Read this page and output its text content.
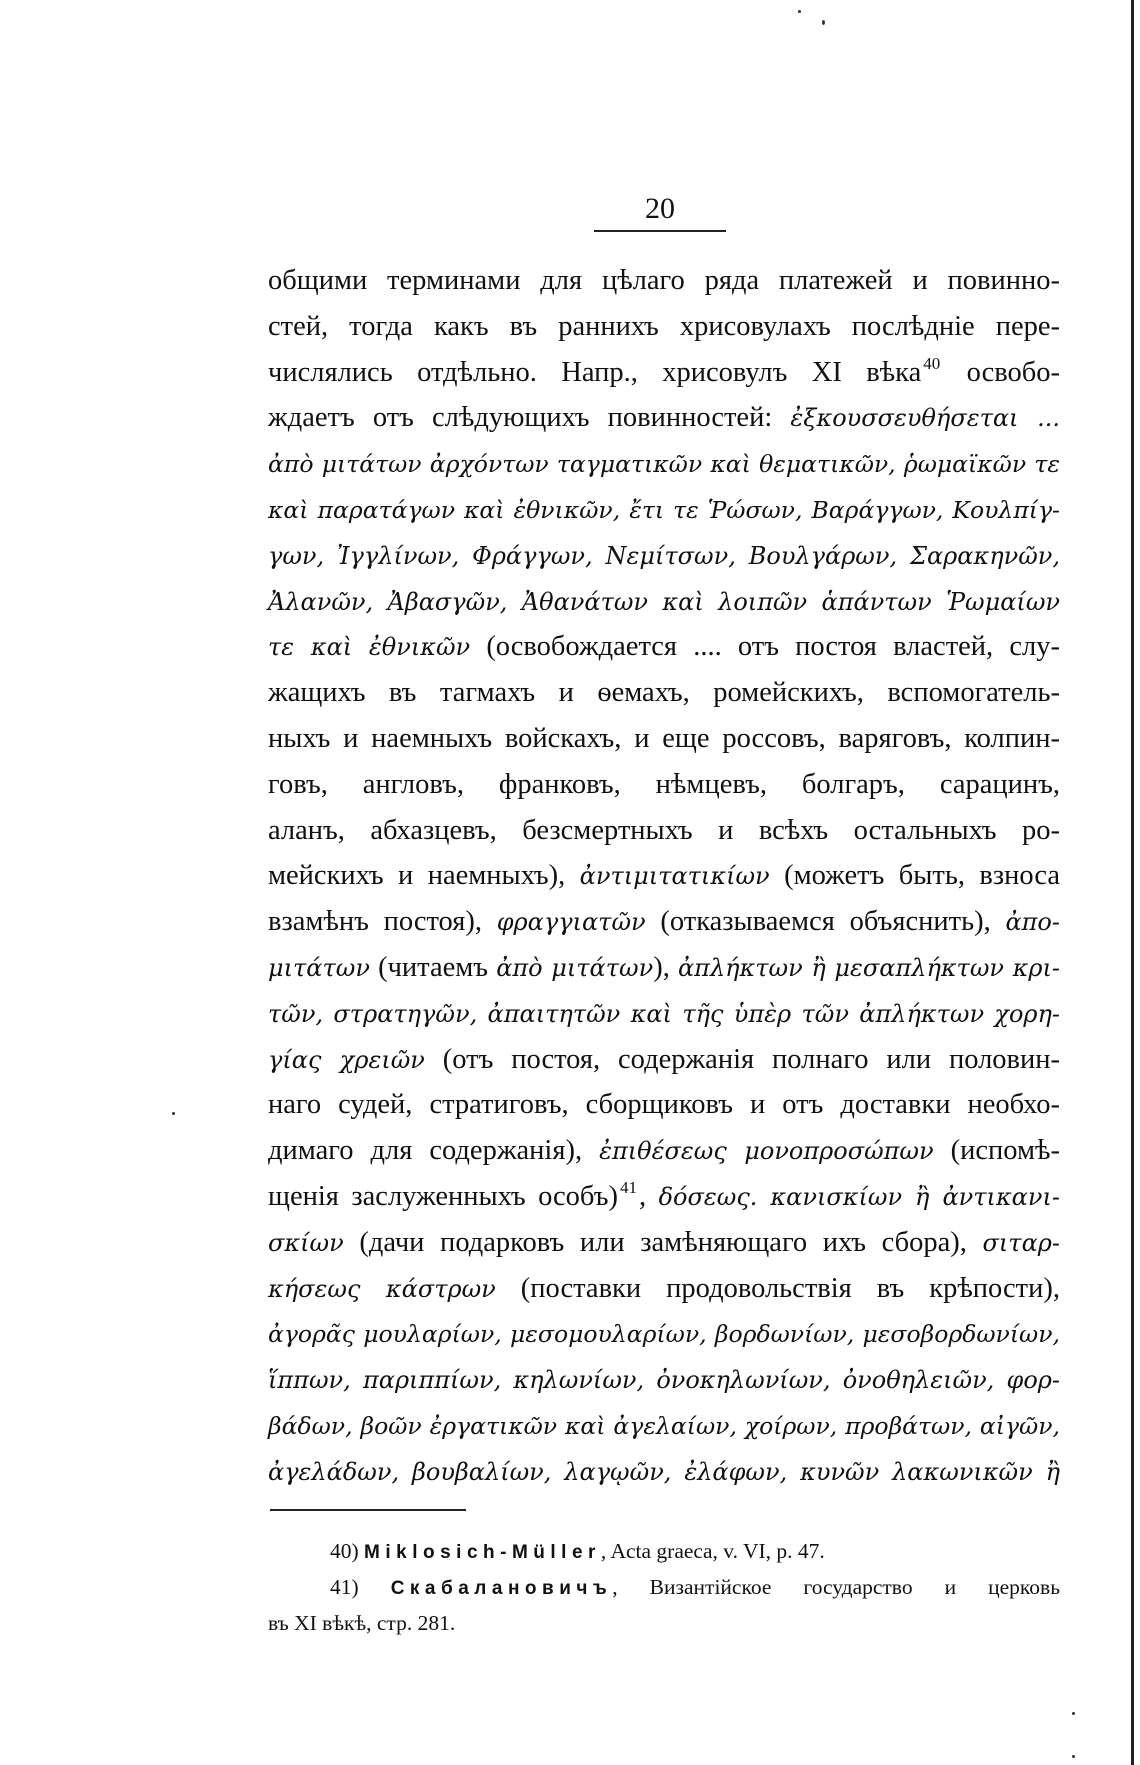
20
общими терминами для цѣлаго ряда платежей и повинно-
стей, тогда какъ въ раннихъ хрисовулахъ послѣдніе пере-
числялись отдѣльно. Напр., хрисовулъ XI вѣка $^{40}$ освобо-
ждаетъ отъ слѣдующихъ повинностей: ἐξκουσσευθήσεται ...
ἀπὸ μιτάτων ἀρχόντων ταγματικῶν καὶ θεματικῶν, ῥωμαϊκῶν τε
καὶ παρατάγων καὶ ἐθνικῶν, ἔτι τε Ῥώσων, Βαράγγων, Κουλπίγ-
γων, Ἰγγλίνων, Φράγγων, Νεμίτσων, Βουλγάρων, Σαρακηνῶν,
Ἀλανῶν, Ἀβασγῶν, Ἀθανάτων καὶ λοιπῶν ἁπάντων Ῥωμαίων
τε καὶ ἐθνικῶν (освобождается .... отъ постоя властей, слу-
жащихъ въ тагмахъ и ѳемахъ, ромейскихъ, вспомогатель-
ныхъ и наемныхъ войскахъ, и еще россовъ, варяговъ, колпин-
говъ, англовъ, франковъ, нѣмцевъ, болгаръ, сарацинъ,
аланъ, абхазцевъ, безсмертныхъ и всѣхъ остальныхъ ро-
мейскихъ и наемныхъ), ἀντιμιτατικίων (можетъ быть, взноса
взамѣнъ постоя), φραγγιατῶν (отказываемся объяснить), ἀπο-
μιτάτων (читаемъ ἀπὸ μιτάτων), ἀπλήκτων ἢ μεσαπλήκτων κρι-
τῶν, στρατηγῶν, ἀπαιτητῶν καὶ τῆς ὑπὲρ τῶν ἀπλήκτων χορη-
γίας χρειῶν (отъ постоя, содержанія полнаго или половин-
наго судей, стратиговъ, сборщиковъ и отъ доставки необхо-
димаго для содержанія), ἐπιθέσεως μονοπροσώπων (испомѣ-
щенія заслуженныхъ особъ) $^{41}$, δόσεως. κανισκίων ἢ ἀντικανι-
σκίων (дачи подарковъ или замѣняющаго ихъ сбора), σιταρ-
κήσεως κάστρων (поставки продовольствія въ крѣпости),
ἀγορᾶς μουλαρίων, μεσομουλαρίων, βορδωνίων, μεσοβορδωνίων,
ἵππων, παριππίων, κηλωνίων, ὀνοκηλωνίων, ὀνοθηλειῶν, φορ-
βάδων, βοῶν ἐργατικῶν καὶ ἀγελαίων, χοίρων, προβάτων, αἰγῶν,
ἀγελάδων, βουβαλίων, λαγῳῶν, ἐλάφων, κυνῶν λακωνικῶν ἢ
40) Miklosich-Müller, Acta graeca, v. VI, p. 47.
41) Скабалановичъ, Византійское государство и церковь
въ XI вѣкѣ, стр. 281.
